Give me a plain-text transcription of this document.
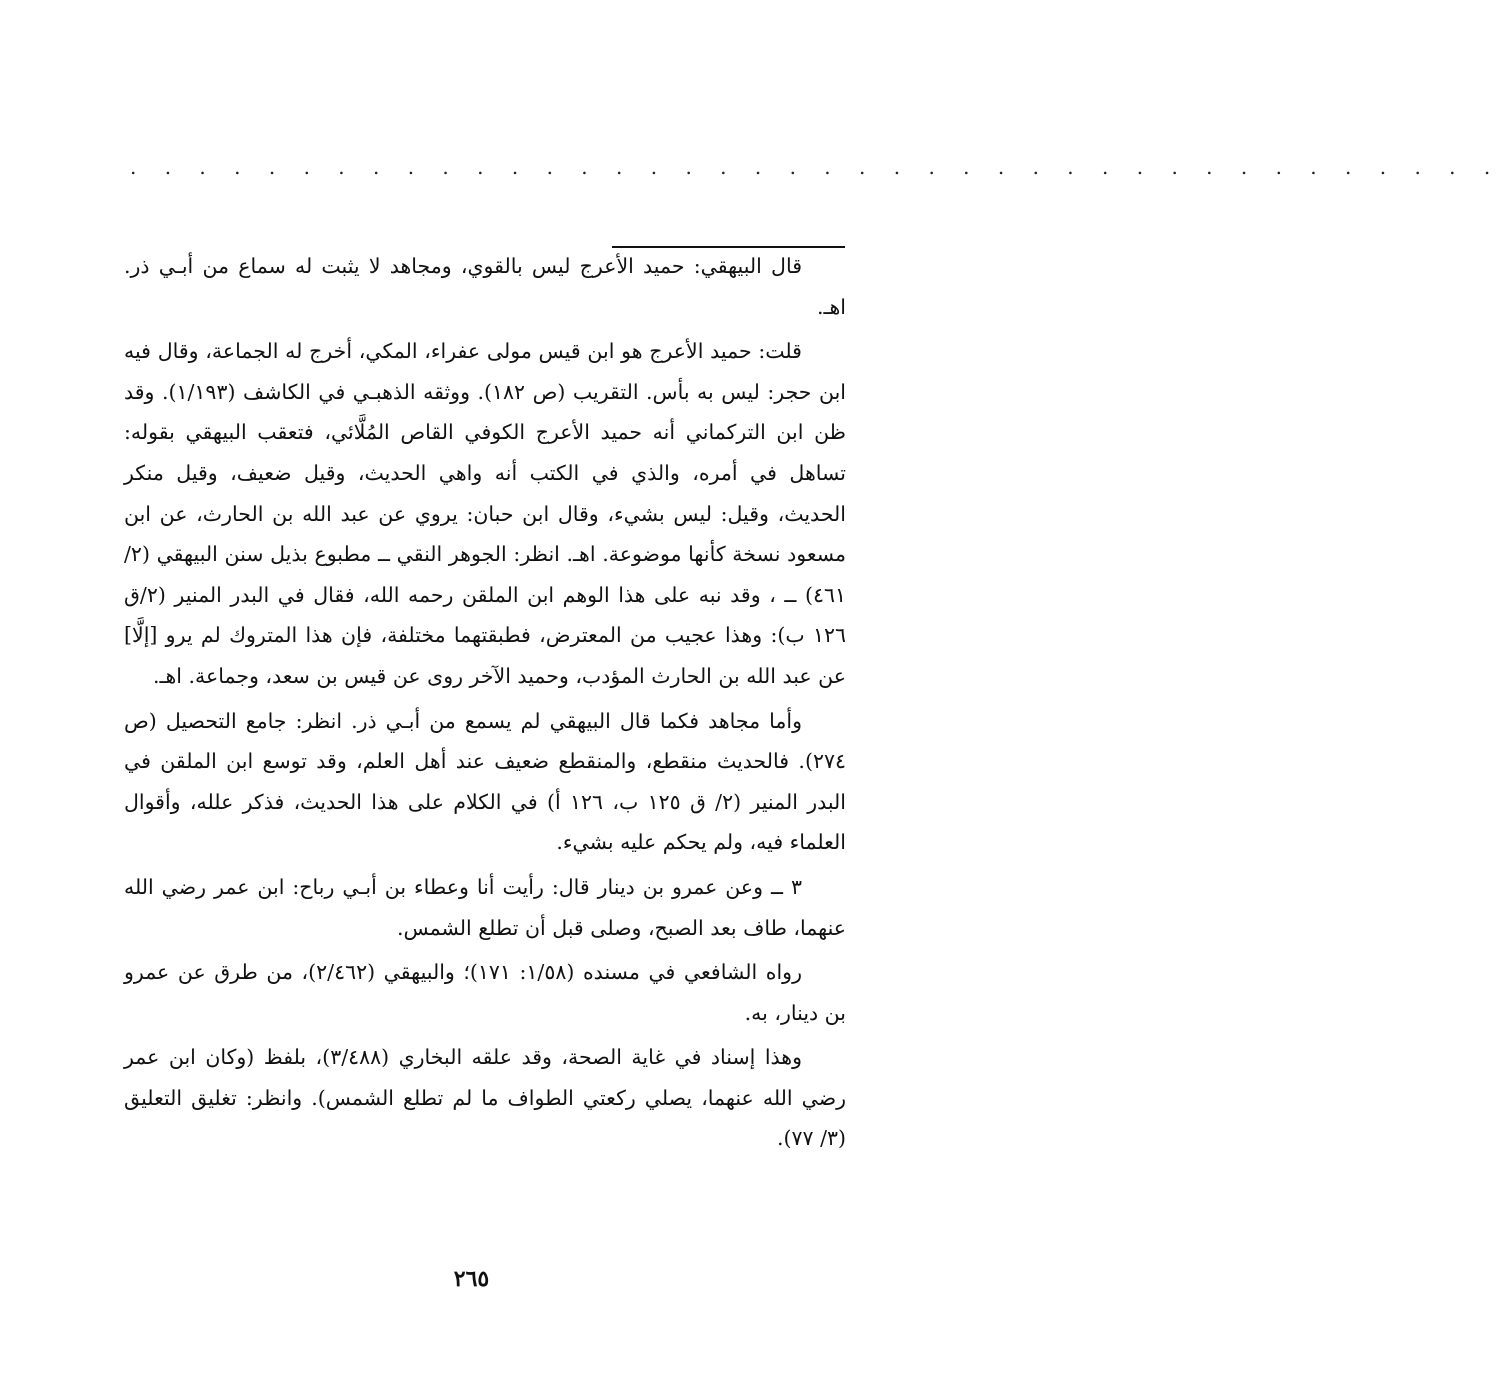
. . . . . . . . . . . . . . . . . . . . . . . . . . . . . . . . . . . . . . . .

قال البيهقي: حميد الأعرج ليس بالقوي، ومجاهد لا يثبت له سماع من أبـي ذر. اهـ.

قلت: حميد الأعرج هو ابن قيس مولى عفراء، المكي، أخرج له الجماعة، وقال فيه ابن حجر: ليس به بأس. التقريب (ص ١٨٢). ووثقه الذهبـي في الكاشف (١/١٩٣). وقد ظن ابن التركماني أنه حميد الأعرج الكوفي القاص المُلَّائي، فتعقب البيهقي بقوله: تساهل في أمره، والذي في الكتب أنه واهي الحديث، وقيل ضعيف، وقيل منكر الحديث، وقيل: ليس بشيء، وقال ابن حبان: يروي عن عبد الله بن الحارث، عن ابن مسعود نسخة كأنها موضوعة. اهـ. انظر: الجوهر النقي ــ مطبوع بذيل سنن البيهقي (٢/ ٤٦١) ــ ، وقد نبه على هذا الوهم ابن الملقن رحمه الله، فقال في البدر المنير (٢/ق ١٢٦ ب): وهذا عجيب من المعترض، فطبقتهما مختلفة، فإن هذا المتروك لم يرو [إلَّا] عن عبد الله بن الحارث المؤدب، وحميد الآخر روى عن قيس بن سعد، وجماعة. اهـ.

وأما مجاهد فكما قال البيهقي لم يسمع من أبـي ذر. انظر: جامع التحصيل (ص ٢٧٤). فالحديث منقطع، والمنقطع ضعيف عند أهل العلم، وقد توسع ابن الملقن في البدر المنير (٢/ ق ١٢٥ ب، ١٢٦ أ) في الكلام على هذا الحديث، فذكر علله، وأقوال العلماء فيه، ولم يحكم عليه بشيء.

٣ ــ وعن عمرو بن دينار قال: رأيت أنا وعطاء بن أبـي رباح: ابن عمر رضي الله عنهما، طاف بعد الصبح، وصلى قبل أن تطلع الشمس.

رواه الشافعي في مسنده (١/٥٨: ١٧١)؛ والبيهقي (٢/٤٦٢)، من طرق عن عمرو بن دينار، به.

وهذا إسناد في غاية الصحة، وقد علقه البخاري (٣/٤٨٨)، بلفظ (وكان ابن عمر رضي الله عنهما، يصلي ركعتي الطواف ما لم تطلع الشمس). وانظر: تغليق التعليق (٣/ ٧٧).

٢٦٥
